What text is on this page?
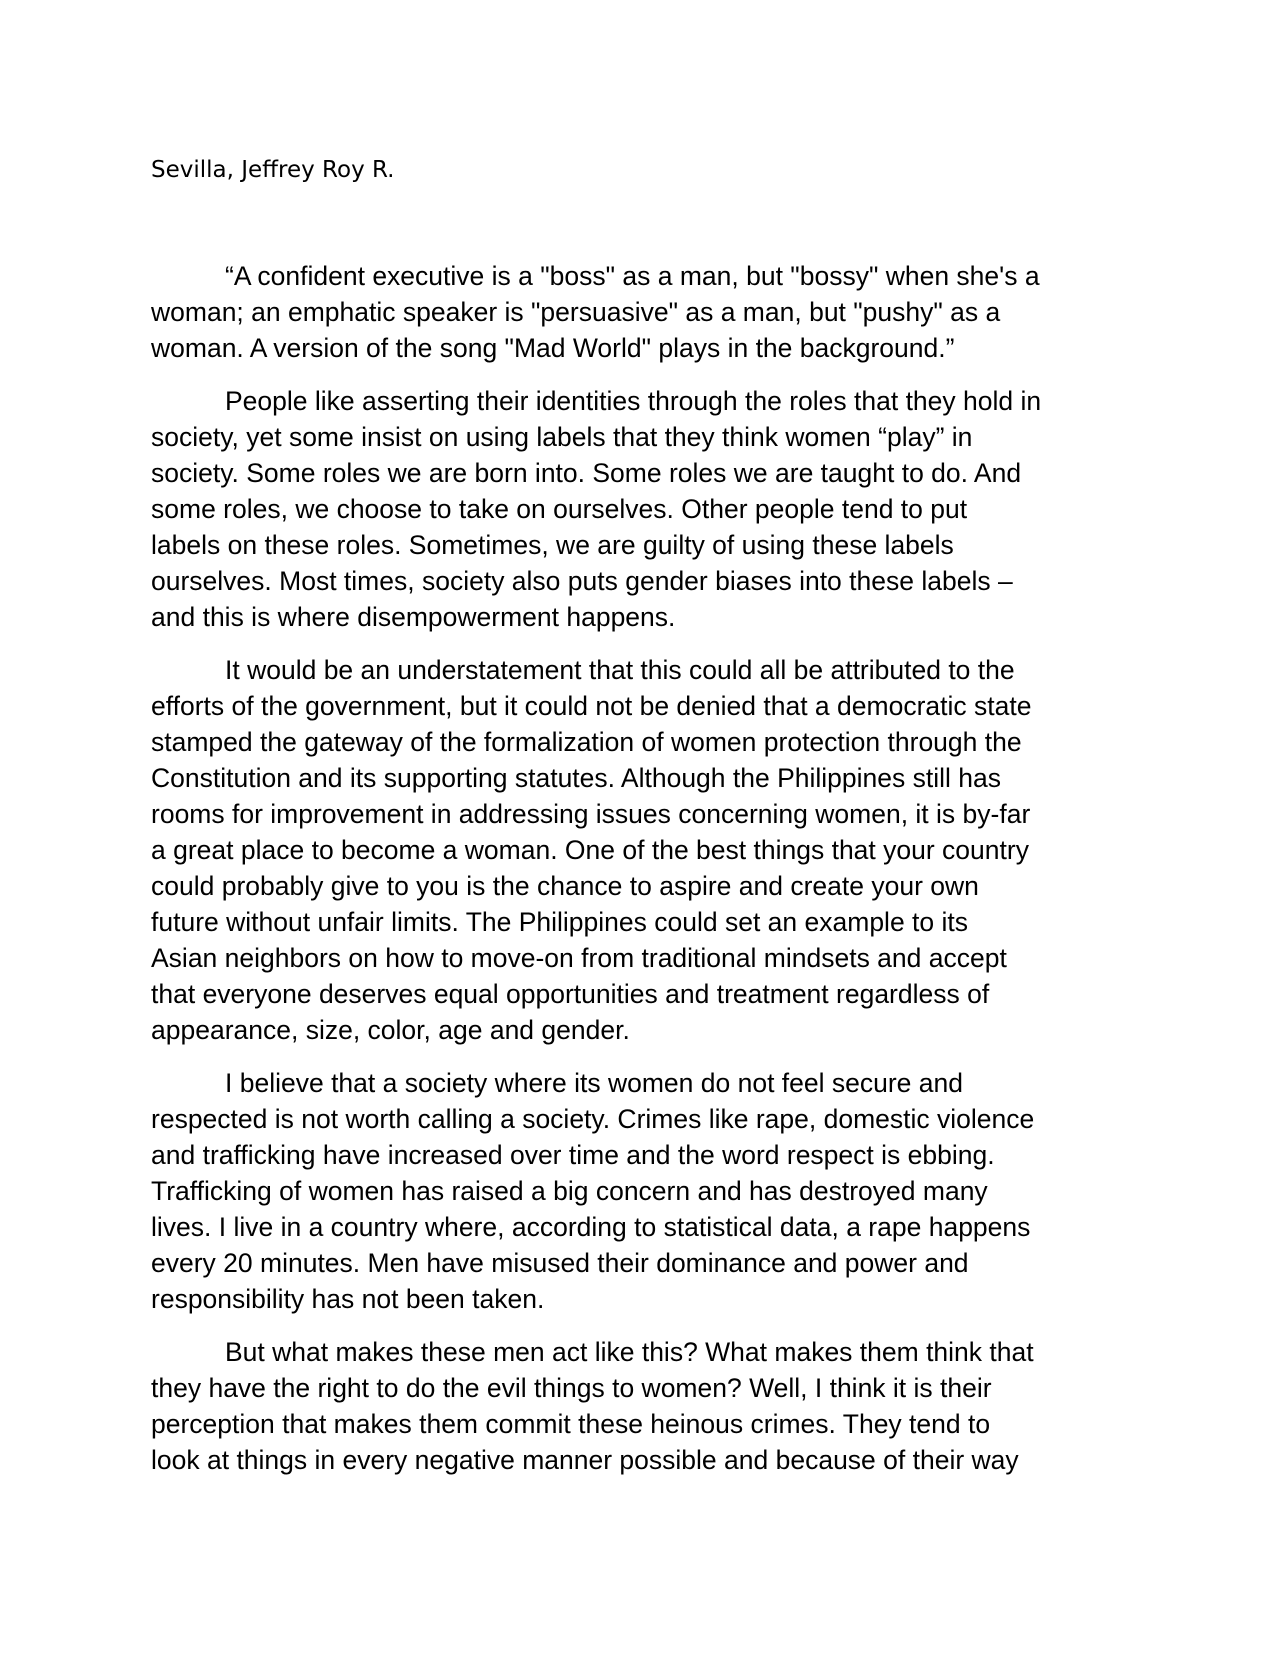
Sevilla, Jeffrey Roy R.

“A confident executive is a "boss" as a man, but "bossy" when she's a
woman; an emphatic speaker is "persuasive" as a man, but "pushy" as a
woman. A version of the song "Mad World" plays in the background.”

People like asserting their identities through the roles that they hold in
society, yet some insist on using labels that they think women “play” in
society. Some roles we are born into. Some roles we are taught to do. And
some roles, we choose to take on ourselves. Other people tend to put
labels on these roles. Sometimes, we are guilty of using these labels
ourselves. Most times, society also puts gender biases into these labels –
and this is where disempowerment happens.

It would be an understatement that this could all be attributed to the
efforts of the government, but it could not be denied that a democratic state
stamped the gateway of the formalization of women protection through the
Constitution and its supporting statutes. Although the Philippines still has
rooms for improvement in addressing issues concerning women, it is by-far
a great place to become a woman. One of the best things that your country
could probably give to you is the chance to aspire and create your own
future without unfair limits. The Philippines could set an example to its
Asian neighbors on how to move-on from traditional mindsets and accept
that everyone deserves equal opportunities and treatment regardless of
appearance, size, color, age and gender.

I believe that a society where its women do not feel secure and
respected is not worth calling a society. Crimes like rape, domestic violence
and trafficking have increased over time and the word respect is ebbing.
Trafficking of women has raised a big concern and has destroyed many
lives. I live in a country where, according to statistical data, a rape happens
every 20 minutes. Men have misused their dominance and power and
responsibility has not been taken.

But what makes these men act like this? What makes them think that
they have the right to do the evil things to women? Well, I think it is their
perception that makes them commit these heinous crimes. They tend to
look at things in every negative manner possible and because of their way
